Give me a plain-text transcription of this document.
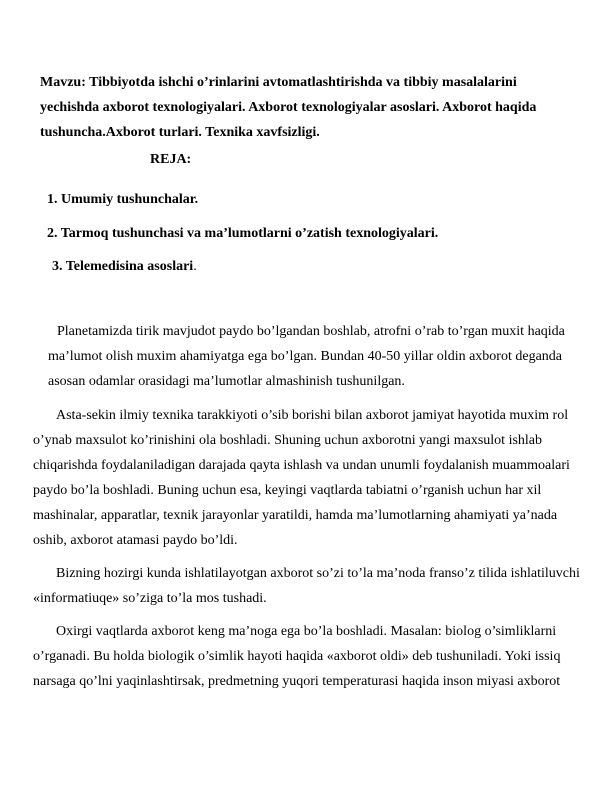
Mavzu: Tibbiyotda ishchi o’rinlarini avtomatlashtirishda va tibbiy masalalarini
yechishda axborot texnologiyalari. Axborot texnologiyalar asoslari. Axborot haqida
tushuncha.Axborot turlari. Texnika xavfsizligi.
REJA:
1. Umumiy tushunchalar.
2. Tarmoq tushunchasi va ma’lumotlarni o’zatish texnologiyalari.
3. Telemedisina asoslari.
Planetamizda tirik mavjudot paydo bo’lgandan boshlab, atrofni o’rab to’rgan muxit haqida
ma’lumot olish muxim ahamiyatga ega bo’lgan. Bundan 40-50 yillar oldin axborot deganda
asosan odamlar orasidagi ma’lumotlar almashinish tushunilgan.
Asta-sekin ilmiy texnika tarakkiyoti o’sib borishi bilan axborot jamiyat hayotida muxim rol
o’ynab maxsulot ko’rinishini ola boshladi. Shuning uchun axborotni yangi maxsulot ishlab
chiqarishda foydalaniladigan darajada qayta ishlash va undan unumli foydalanish muammoalari
paydo bo’la boshladi. Buning uchun esa, keyingi vaqtlarda tabiatni o’rganish uchun har xil
mashinalar, apparatlar, texnik jarayonlar yaratildi, hamda ma’lumotlarning ahamiyati ya’nada
oshib, axborot atamasi paydo bo’ldi.
Bizning hozirgi kunda ishlatilayotgan axborot so’zi to’la ma’noda franso’z tilida ishlatiluvchi
«informatiuqe» so’ziga to’la mos tushadi.
Oxirgi vaqtlarda axborot keng ma’noga ega bo’la boshladi. Masalan: biolog o’simliklarni
o’rganadi. Bu holda biologik o’simlik hayoti haqida «axborot oldi» deb tushuniladi. Yoki issiq
narsaga qo’lni yaqinlashtirsak, predmetning yuqori temperaturasi haqida inson miyasi axborot
